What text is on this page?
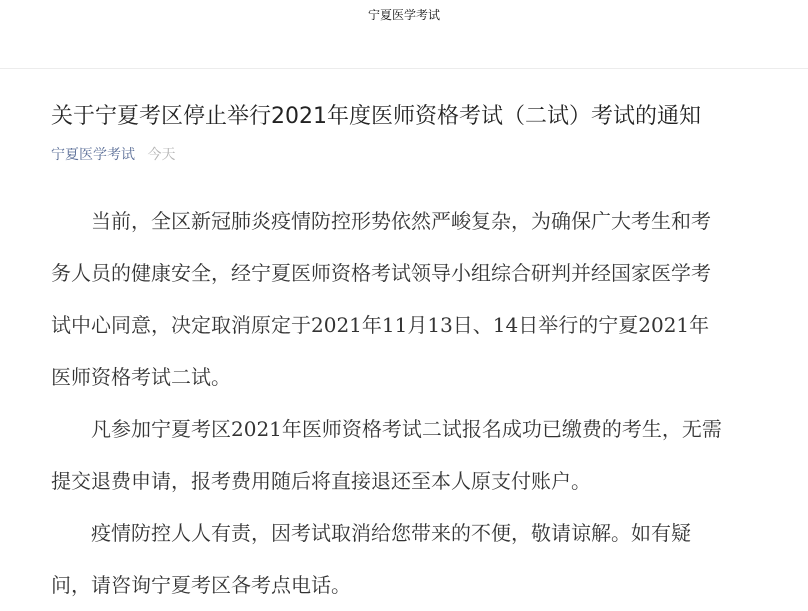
宁夏医学考试
关于宁夏考区停止举行2021年度医师资格考试（二试）考试的通知
宁夏医学考试 今天

当前，全区新冠肺炎疫情防控形势依然严峻复杂，为确保广大考生和考务人员的健康安全，经宁夏医师资格考试领导小组综合研判并经国家医学考试中心同意，决定取消原定于2021年11月13日、14日举行的宁夏2021年医师资格考试二试。

凡参加宁夏考区2021年医师资格考试二试报名成功已缴费的考生，无需提交退费申请，报考费用随后将直接退还至本人原支付账户。

疫情防控人人有责，因考试取消给您带来的不便，敬请谅解。如有疑问，请咨询宁夏考区各考点电话。
